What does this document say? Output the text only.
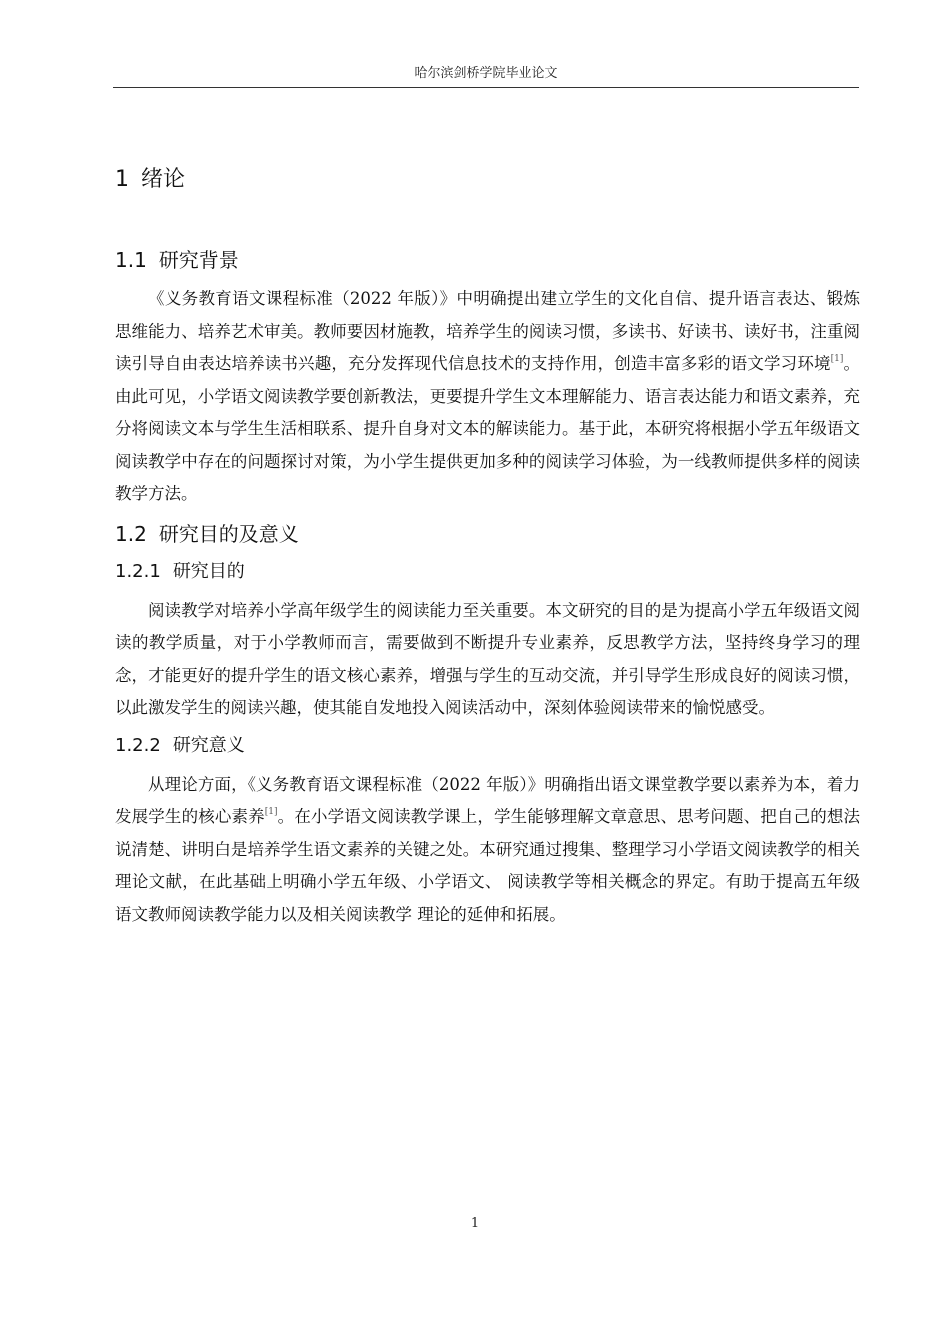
哈尔滨剑桥学院毕业论文
1 绪论
1.1 研究背景

《义务教育语文课程标准（2022 年版）》中明确提出建立学生的文化自信、提升语言表达、锻炼思维能力、培养艺术审美。教师要因材施教，培养学生的阅读习惯，多读书、好读书、读好书，注重阅读引导自由表达培养读书兴趣，充分发挥现代信息技术的支持作用，创造丰富多彩的语文学习环境[1]。由此可见，小学语文阅读教学要创新教法，更要提升学生文本理解能力、语言表达能力和语文素养，充分将阅读文本与学生生活相联系、提升自身对文本的解读能力。基于此，本研究将根据小学五年级语文阅读教学中存在的问题探讨对策，为小学生提供更加多种的阅读学习体验，为一线教师提供多样的阅读教学方法。

1.2 研究目的及意义
1.2.1 研究目的

阅读教学对培养小学高年级学生的阅读能力至关重要。本文研究的目的是为提高小学五年级语文阅读的教学质量，对于小学教师而言，需要做到不断提升专业素养，反思教学方法，坚持终身学习的理念，才能更好的提升学生的语文核心素养，增强与学生的互动交流，并引导学生形成良好的阅读习惯，以此激发学生的阅读兴趣，使其能自发地投入阅读活动中，深刻体验阅读带来的愉悦感受。

1.2.2 研究意义

从理论方面，《义务教育语文课程标准（2022 年版）》明确指出语文课堂教学要以素养为本，着力发展学生的核心素养[1]。在小学语文阅读教学课上，学生能够理解文章意思、思考问题、把自己的想法说清楚、讲明白是培养学生语文素养的关键之处。本研究通过搜集、整理学习小学语文阅读教学的相关理论文献，在此基础上明确小学五年级、小学语文、 阅读教学等相关概念的界定。有助于提高五年级语文教师阅读教学能力以及相关阅读教学 理论的延伸和拓展。

1
